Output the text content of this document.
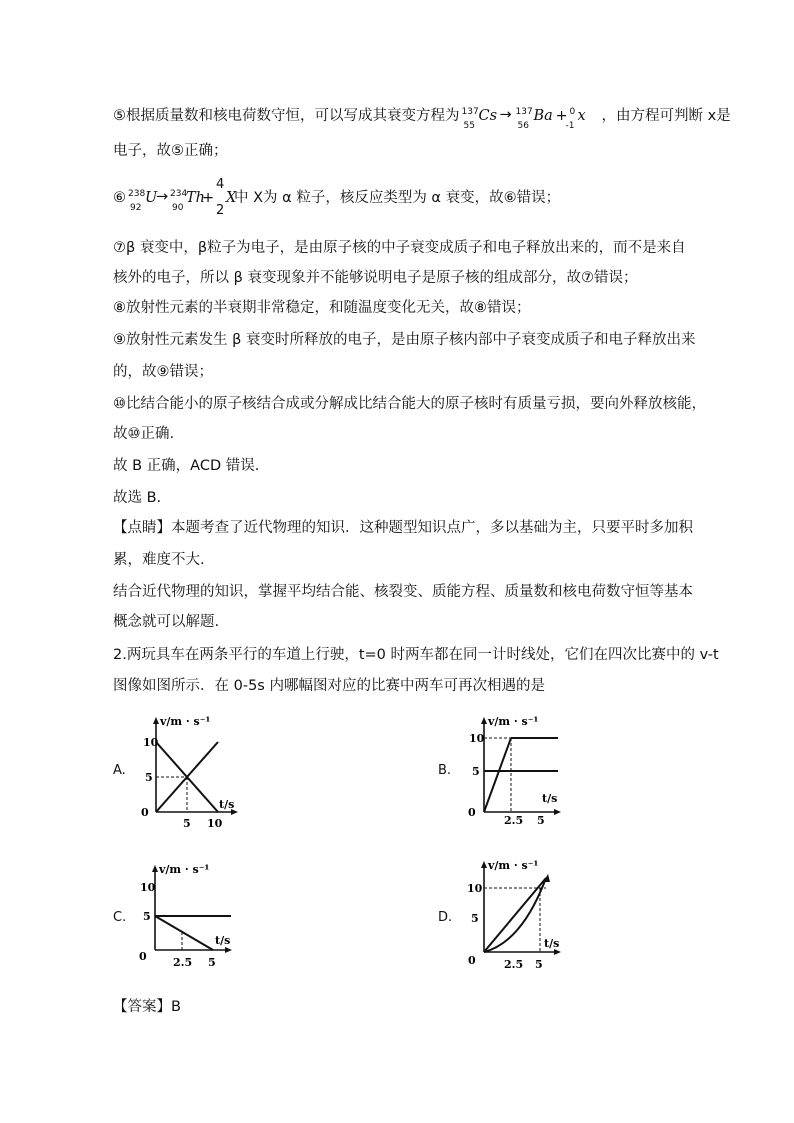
⑤根据质量数和核电荷数守恒，可以写成其衰变方程为 137
55
Cs → 137
56
Ba + 0
-1
x ，由方程可判断 x是
电子，故⑤正确；
⑥ 238
92
U
→ 234
90
Th
+
4
2
X
中 X为 α 粒子，核反应类型为 α 衰变，故⑥错误；
⑦β 衰变中，β粒子为电子，是由原子核的中子衰变成质子和电子释放出来的，而不是来自
核外的电子，所以 β 衰变现象并不能够说明电子是原子核的组成部分，故⑦错误；
⑧放射性元素的半衰期非常稳定，和随温度变化无关，故⑧错误；
⑨放射性元素发生 β 衰变时所释放的电子，是由原子核内部中子衰变成质子和电子释放出来
的，故⑨错误；
⑩比结合能小的原子核结合成或分解成比结合能大的原子核时有质量亏损，要向外释放核能，
故⑩正确.
故 B 正确，ACD 错误.
故选 B.
【点睛】本题考查了近代物理的知识．这种题型知识点广，多以基础为主，只要平时多加积
累，难度不大.
结合近代物理的知识，掌握平均结合能、核裂变、质能方程、质量数和核电荷数守恒等基本
概念就可以解题.
2.两玩具车在两条平行的车道上行驶，t=0 时两车都在同一计时线处，它们在四次比赛中的 v-t
图像如图所示．在 0-5s 内哪幅图对应的比赛中两车可再次相遇的是
A.	B.
C.	D.
v/m · s⁻¹
t/s
10
5
0
5 10
v/m · s⁻¹
t/s
10
5
0
2.5 5
v/m · s⁻¹
t/s
10
5
0 2.5 5
v/m · s⁻¹
t/s
10
5
0	2.5 5
【答案】B
